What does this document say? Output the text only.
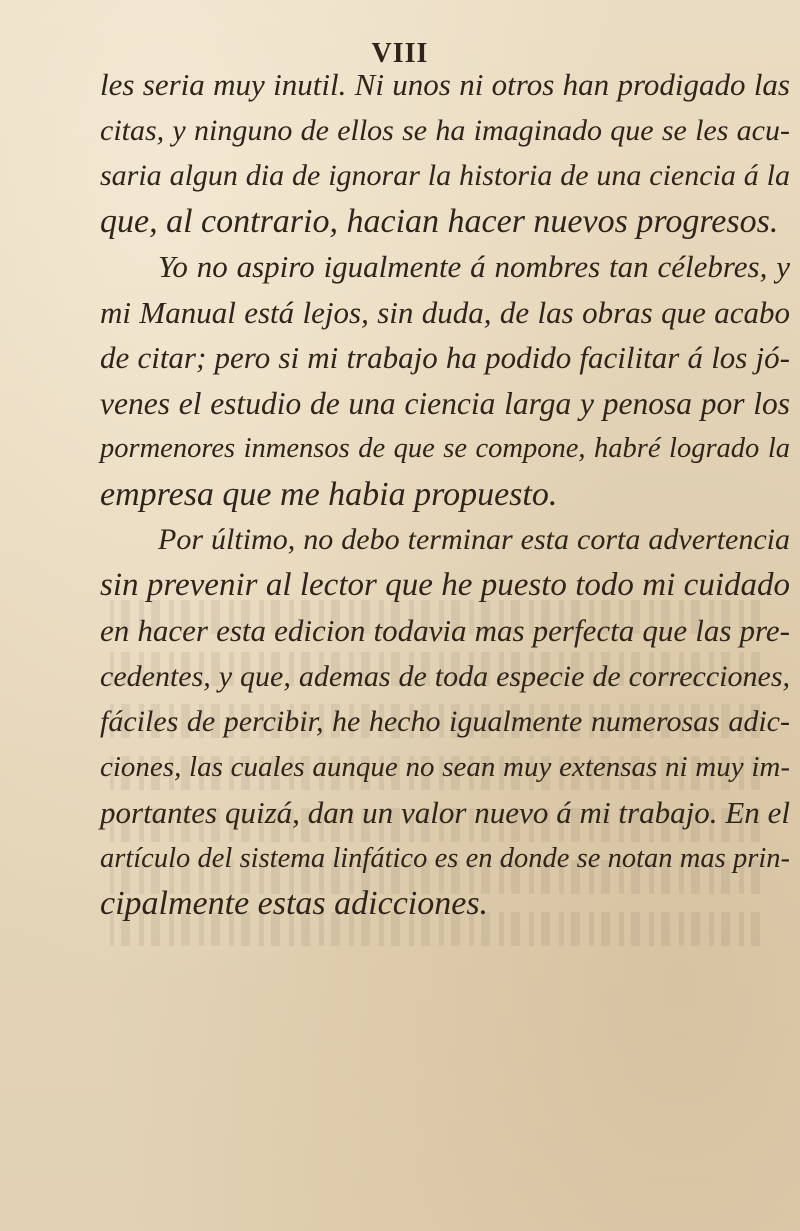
VIII
les seria muy inutil. Ni unos ni otros han prodigado las
citas, y ninguno de ellos se ha imaginado que se les acu-
saria algun dia de ignorar la historia de una ciencia á la
que, al contrario, hacian hacer nuevos progresos.
Yo no aspiro igualmente á nombres tan célebres, y
mi Manual está lejos, sin duda, de las obras que acabo
de citar; pero si mi trabajo ha podido facilitar á los jó-
venes el estudio de una ciencia larga y penosa por los
pormenores inmensos de que se compone, habré logrado la
empresa que me habia propuesto.
Por último, no debo terminar esta corta advertencia
sin prevenir al lector que he puesto todo mi cuidado
en hacer esta edicion todavia mas perfecta que las pre-
cedentes, y que, ademas de toda especie de correcciones,
fáciles de percibir, he hecho igualmente numerosas adic-
ciones, las cuales aunque no sean muy extensas ni muy im-
portantes quizá, dan un valor nuevo á mi trabajo. En el
artículo del sistema linfático es en donde se notan mas prin-
cipalmente estas adicciones.
